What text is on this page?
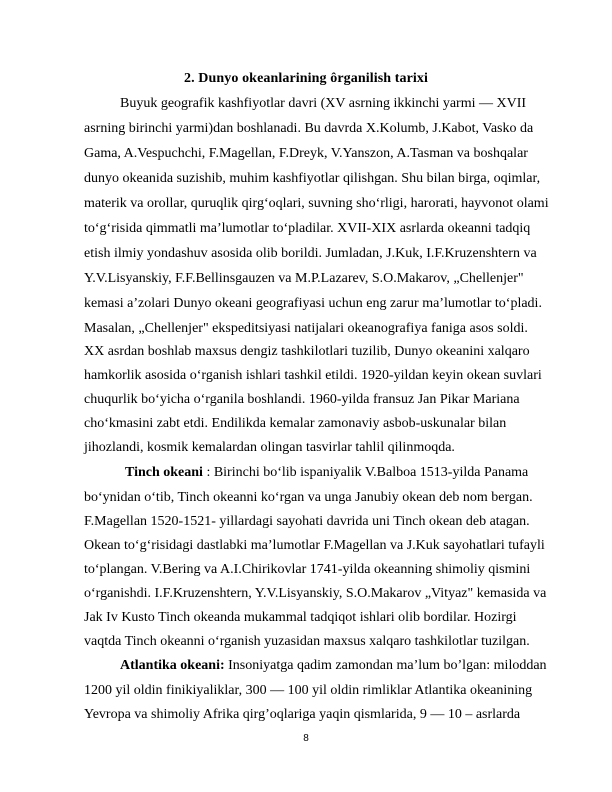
2. Dunyo okeanlarining ôrganilish tarixi
Buyuk geografik kashfiyotlar davri (XV asrning ikkinchi yarmi — XVII
asrning birinchi yarmi)dan boshlanadi. Bu davrda X.Kolumb, J.Kabot, Vasko da
Gama, A.Vespuchchi, F.Magellan, F.Dreyk, V.Yanszon, A.Tasman va boshqalar
dunyo okeanida suzishib, muhim kashfiyotlar qilishgan. Shu bilan birga, oqimlar,
materik va orollar, quruqlik qirg‘oqlari, suvning sho‘rligi, harorati, hayvonot olami
to‘g‘risida qimmatli ma’lumotlar to‘pladilar. XVII-XIX asrlarda okeanni tadqiq
etish ilmiy yondashuv asosida olib borildi. Jumladan, J.Kuk, I.F.Kruzenshtern va
Y.V.Lisyanskiy, F.F.Bellinsgauzen va M.P.Lazarev, S.O.Makarov, „Chellenjer"
kemasi a’zolari Dunyo okeani geografiyasi uchun eng zarur ma’lumotlar to‘pladi.
Masalan, „Chellenjer" ekspeditsiyasi natijalari okeanografiya faniga asos soldi.
XX asrdan boshlab maxsus dengiz tashkilotlari tuzilib, Dunyo okeanini xalqaro
hamkorlik asosida o‘rganish ishlari tashkil etildi. 1920-yildan keyin okean suvlari
chuqurlik bo‘yicha o‘rganila boshlandi. 1960-yilda fransuz Jan Pikar Mariana
cho‘kmasini zabt etdi. Endilikda kemalar zamonaviy asbob-uskunalar bilan
jihozlandi, kosmik kemalardan olingan tasvirlar tahlil qilinmoqda.
Tinch okeani : Birinchi bo‘lib ispaniyalik V.Balboa 1513-yilda Panama
bo‘ynidan o‘tib, Tinch okeanni ko‘rgan va unga Janubiy okean deb nom bergan.
F.Magellan 1520-1521- yillardagi sayohati davrida uni Tinch okean deb atagan.
Okean to‘g‘risidagi dastlabki ma’lumotlar F.Magellan va J.Kuk sayohatlari tufayli
to‘plangan. V.Bering va A.I.Chirikovlar 1741-yilda okeanning shimoliy qismini
o‘rganishdi. I.F.Kruzenshtern, Y.V.Lisyanskiy, S.O.Makarov „Vityaz" kemasida va
Jak Iv Kusto Tinch okeanda mukammal tadqiqot ishlari olib bordilar. Hozirgi
vaqtda Tinch okeanni o‘rganish yuzasidan maxsus xalqaro tashkilotlar tuzilgan.
Atlantika okeani: Insoniyatga qadim zamondan ma’lum bo’lgan: miloddan
1200 yil oldin finikiyaliklar, 300 — 100 yil oldin rimliklar Atlantika okeanining
Yevropa va shimoliy Afrika qirg’oqlariga yaqin qismlarida, 9 — 10 – asrlarda
8
